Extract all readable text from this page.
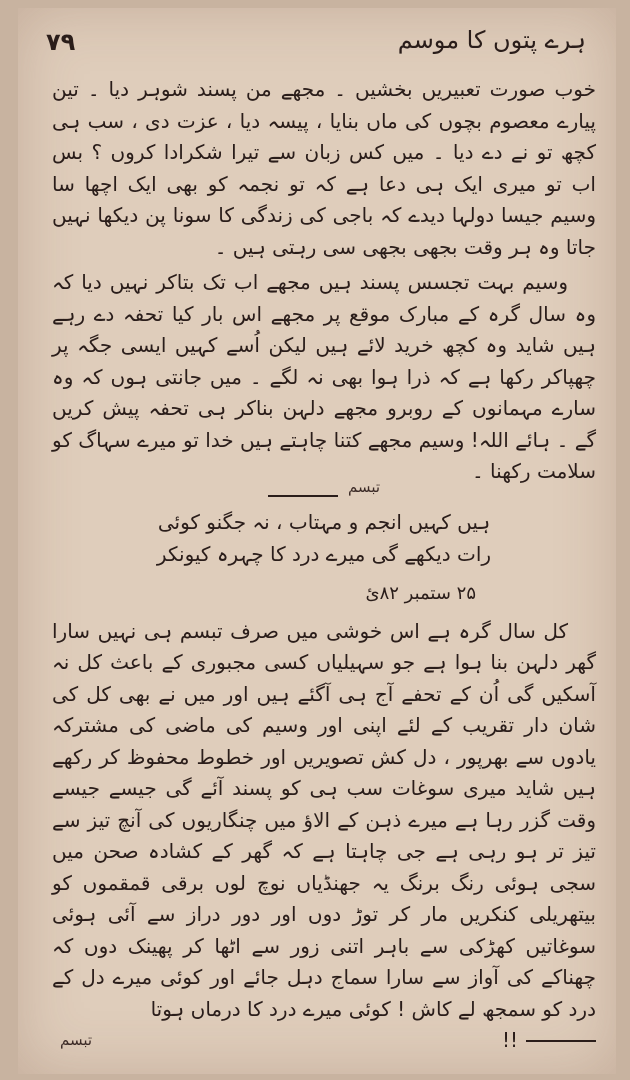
۷۹	ہرے پتوں کا موسم

خوب صورت تعبیریں بخشیں ۔ مجھے من پسند شوہر دیا ۔ تین پیارے معصوم بچوں کی ماں بنایا ، پیسہ دیا ، عزت دی ، سب ہی کچھ تو نے دے دیا ۔ میں کس زبان سے تیرا شکرادا کروں ؟ بس اب تو میری ایک ہی دعا ہے کہ تو نجمہ کو بھی ایک اچھا سا وسیم جیسا دولہا دیدے کہ باجی کی زندگی کا سونا پن دیکھا نہیں جاتا وہ ہر وقت بجھی بجھی سی رہتی ہیں ۔

وسیم بہت تجسس پسند ہیں مجھے اب تک بتاکر نہیں دیا کہ وہ سال گرہ کے مبارک موقع پر مجھے اس بار کیا تحفہ دے رہے ہیں شاید وہ کچھ خرید لائے ہیں لیکن اُسے کہیں ایسی جگہ پر چھپاکر رکھا ہے کہ ذرا ہوا بھی نہ لگے ۔ میں جانتی ہوں کہ وہ سارے مہمانوں کے روبرو مجھے دلہن بناکر ہی تحفہ پیش کریں گے ۔ ہائے اللہ! وسیم مجھے کتنا چاہتے ہیں خدا تو میرے سہاگ کو سلامت رکھنا ۔

تبسم
ہیں کہیں انجم و مہتاب ، نہ جگنو کوئی
رات دیکھے گی میرے درد کا چہرہ کیونکر
۲۵ ستمبر ۸۲ئ

کل سال گرہ ہے اس خوشی میں صرف تبسم ہی نہیں سارا گھر دلہن بنا ہوا ہے جو سہیلیاں کسی مجبوری کے باعث کل نہ آسکیں گی اُن کے تحفے آج ہی آگئے ہیں اور میں نے بھی کل کی شان دار تقریب کے لئے اپنی اور وسیم کی ماضی کی مشترکہ یادوں سے بھرپور ، دل کش تصویریں اور خطوط محفوظ کر رکھے ہیں شاید میری سوغات سب ہی کو پسند آئے گی جیسے جیسے وقت گزر رہا ہے میرے ذہن کے الاؤ میں چنگاریوں کی آنچ تیز سے تیز تر ہو رہی ہے جی چاہتا ہے کہ گھر کے کشادہ صحن میں سجی ہوئی رنگ برنگ یہ جھنڈیاں نوچ لوں برقی قمقموں کو بیتھریلی کنکریں مار کر توڑ دوں اور دور دراز سے آئی ہوئی سوغاتیں کھڑکی سے باہر اتنی زور سے اٹھا کر پھینک دوں کہ چھناکے کی آواز سے سارا سماج دہل جائے اور کوئی میرے دل کے درد کو سمجھ لے کاش ! کوئی میرے درد کا درماں ہوتا

!!
تبسم
